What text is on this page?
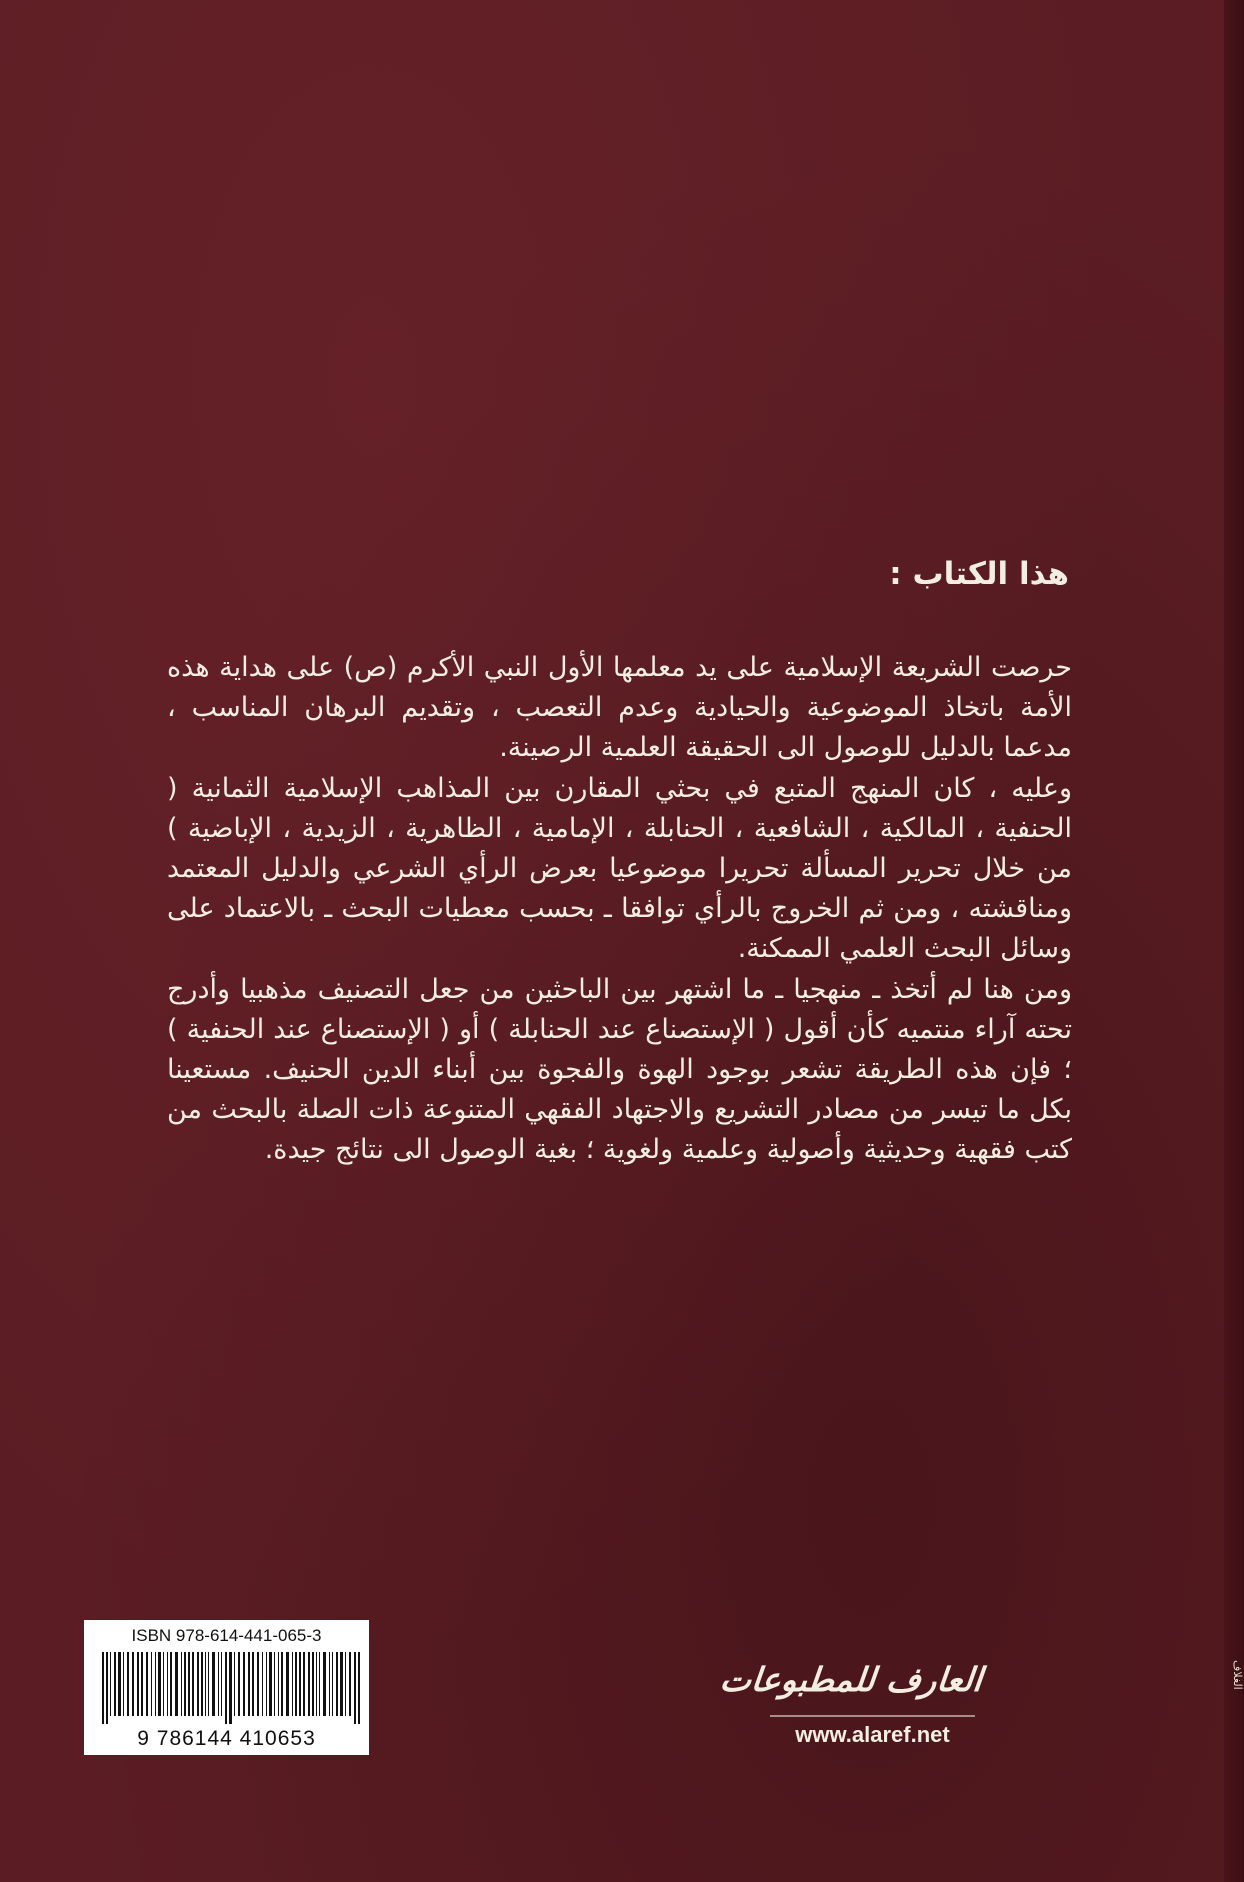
هذا الكتاب :

حرصت الشريعة الإسلامية على يد معلمها الأول النبي الأكرم (ص) على هداية هذه الأمة باتخاذ الموضوعية والحيادية وعدم التعصب ، وتقديم البرهان المناسب ، مدعما بالدليل للوصول الى الحقيقة العلمية الرصينة.

وعليه ، كان المنهج المتبع في بحثي المقارن بين المذاهب الإسلامية الثمانية ( الحنفية ، المالكية ، الشافعية ، الحنابلة ، الإمامية ، الظاهرية ، الزيدية ، الإباضية ) من خلال تحرير المسألة تحريرا موضوعيا بعرض الرأي الشرعي والدليل المعتمد ومناقشته ، ومن ثم الخروج بالرأي توافقا ـ بحسب معطيات البحث ـ بالاعتماد على وسائل البحث العلمي الممكنة.

ومن هنا لم أتخذ ـ منهجيا ـ ما اشتهر بين الباحثين من جعل التصنيف مذهبيا وأدرج تحته آراء منتميه كأن أقول ( الإستصناع عند الحنابلة ) أو ( الإستصناع عند الحنفية ) ؛ فإن هذه الطريقة تشعر بوجود الهوة والفجوة بين أبناء الدين الحنيف. مستعينا بكل ما تيسر من مصادر التشريع والاجتهاد الفقهي المتنوعة ذات الصلة بالبحث من كتب فقهية وحديثية وأصولية وعلمية ولغوية ؛ بغية الوصول الى نتائج جيدة.

ISBN 978-614-441-065-3

9 786144 410653

العارف للمطبوعات

www.alaref.net

الغلاف
